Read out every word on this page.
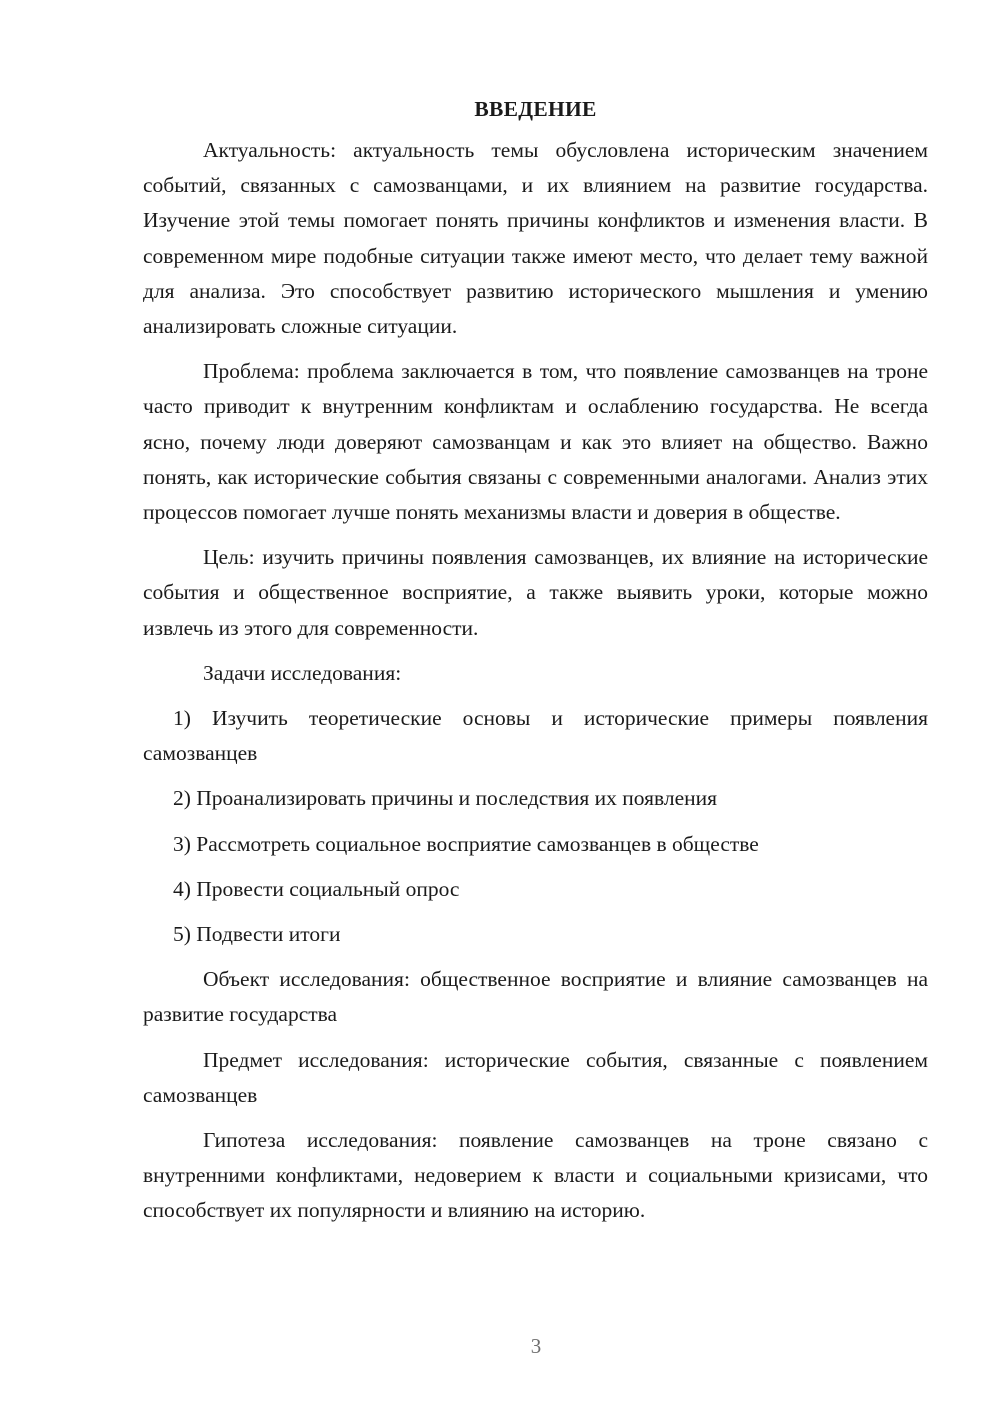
ВВЕДЕНИЕ

Актуальность: актуальность темы обусловлена историческим значением событий, связанных с самозванцами, и их влиянием на развитие государства. Изучение этой темы помогает понять причины конфликтов и изменения власти. В современном мире подобные ситуации также имеют место, что делает тему важной для анализа. Это способствует развитию исторического мышления и умению анализировать сложные ситуации.

Проблема: проблема заключается в том, что появление самозванцев на троне часто приводит к внутренним конфликтам и ослаблению государства. Не всегда ясно, почему люди доверяют самозванцам и как это влияет на общество. Важно понять, как исторические события связаны с современными аналогами. Анализ этих процессов помогает лучше понять механизмы власти и доверия в обществе.

Цель: изучить причины появления самозванцев, их влияние на исторические события и общественное восприятие, а также выявить уроки, которые можно извлечь из этого для современности.

Задачи исследования:

1) Изучить теоретические основы и исторические примеры появления самозванцев

2) Проанализировать причины и последствия их появления

3) Рассмотреть социальное восприятие самозванцев в обществе

4) Провести социальный опрос

5) Подвести итоги

Объект исследования: общественное восприятие и влияние самозванцев на развитие государства

Предмет исследования: исторические события, связанные с появлением самозванцев

Гипотеза исследования: появление самозванцев на троне связано с внутренними конфликтами, недоверием к власти и социальными кризисами, что способствует их популярности и влиянию на историю.

3
